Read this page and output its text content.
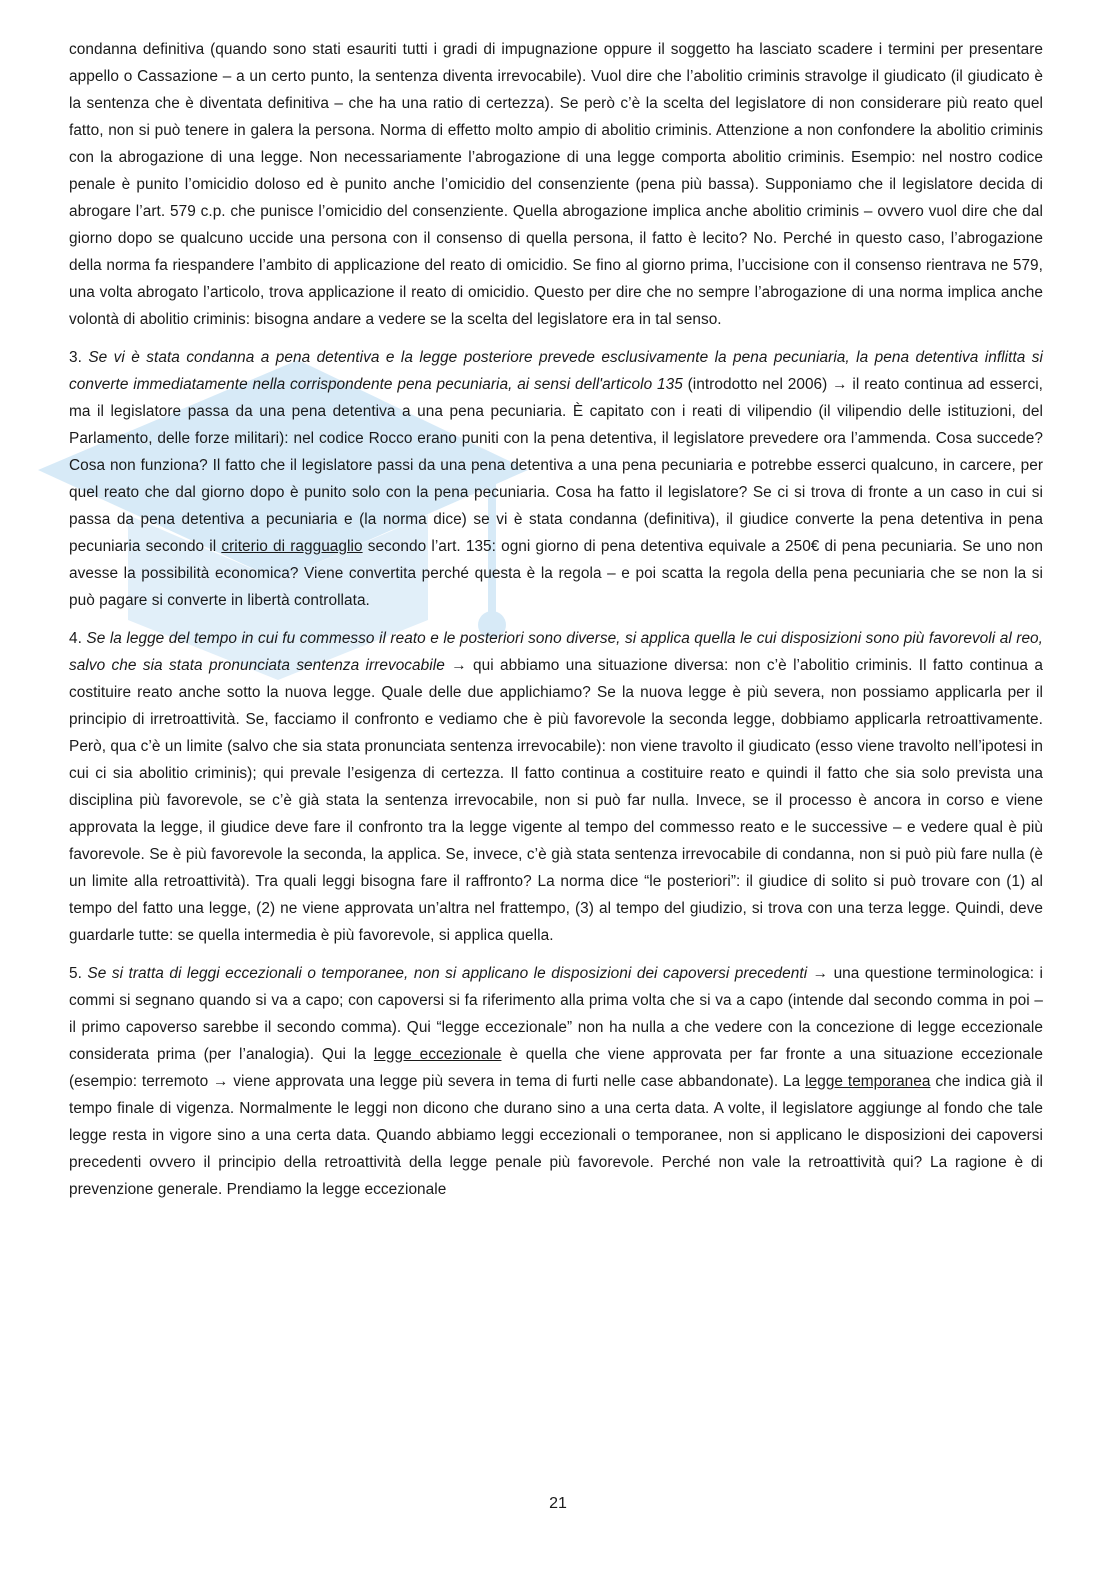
condanna definitiva (quando sono stati esauriti tutti i gradi di impugnazione oppure il soggetto ha lasciato scadere i termini per presentare appello o Cassazione – a un certo punto, la sentenza diventa irrevocabile). Vuol dire che l’abolitio criminis stravolge il giudicato (il giudicato è la sentenza che è diventata definitiva – che ha una ratio di certezza). Se però c’è la scelta del legislatore di non considerare più reato quel fatto, non si può tenere in galera la persona. Norma di effetto molto ampio di abolitio criminis. Attenzione a non confondere la abolitio criminis con la abrogazione di una legge. Non necessariamente l’abrogazione di una legge comporta abolitio criminis. Esempio: nel nostro codice penale è punito l’omicidio doloso ed è punito anche l’omicidio del consenziente (pena più bassa). Supponiamo che il legislatore decida di abrogare l’art. 579 c.p. che punisce l’omicidio del consenziente. Quella abrogazione implica anche abolitio criminis – ovvero vuol dire che dal giorno dopo se qualcuno uccide una persona con il consenso di quella persona, il fatto è lecito? No. Perché in questo caso, l’abrogazione della norma fa riespandere l’ambito di applicazione del reato di omicidio. Se fino al giorno prima, l’uccisione con il consenso rientrava ne 579, una volta abrogato l’articolo, trova applicazione il reato di omicidio. Questo per dire che no sempre l’abrogazione di una norma implica anche volontà di abolitio criminis: bisogna andare a vedere se la scelta del legislatore era in tal senso.

3. Se vi è stata condanna a pena detentiva e la legge posteriore prevede esclusivamente la pena pecuniaria, la pena detentiva inflitta si converte immediatamente nella corrispondente pena pecuniaria, ai sensi dell'articolo 135 (introdotto nel 2006) → il reato continua ad esserci, ma il legislatore passa da una pena detentiva a una pena pecuniaria. È capitato con i reati di vilipendio (il vilipendio delle istituzioni, del Parlamento, delle forze militari): nel codice Rocco erano puniti con la pena detentiva, il legislatore prevedere ora l’ammenda. Cosa succede? Cosa non funziona? Il fatto che il legislatore passi da una pena detentiva a una pena pecuniaria e potrebbe esserci qualcuno, in carcere, per quel reato che dal giorno dopo è punito solo con la pena pecuniaria. Cosa ha fatto il legislatore? Se ci si trova di fronte a un caso in cui si passa da pena detentiva a pecuniaria e (la norma dice) se vi è stata condanna (definitiva), il giudice converte la pena detentiva in pena pecuniaria secondo il criterio di ragguaglio secondo l’art. 135: ogni giorno di pena detentiva equivale a 250€ di pena pecuniaria. Se uno non avesse la possibilità economica? Viene convertita perché questa è la regola – e poi scatta la regola della pena pecuniaria che se non la si può pagare si converte in libertà controllata.

4. Se la legge del tempo in cui fu commesso il reato e le posteriori sono diverse, si applica quella le cui disposizioni sono più favorevoli al reo, salvo che sia stata pronunciata sentenza irrevocabile → qui abbiamo una situazione diversa: non c’è l’abolitio criminis. Il fatto continua a costituire reato anche sotto la nuova legge. Quale delle due applichiamo? Se la nuova legge è più severa, non possiamo applicarla per il principio di irretroattività. Se, facciamo il confronto e vediamo che è più favorevole la seconda legge, dobbiamo applicarla retroattivamente. Però, qua c’è un limite (salvo che sia stata pronunciata sentenza irrevocabile): non viene travolto il giudicato (esso viene travolto nell’ipotesi in cui ci sia abolitio criminis); qui prevale l’esigenza di certezza. Il fatto continua a costituire reato e quindi il fatto che sia solo prevista una disciplina più favorevole, se c’è già stata la sentenza irrevocabile, non si può far nulla. Invece, se il processo è ancora in corso e viene approvata la legge, il giudice deve fare il confronto tra la legge vigente al tempo del commesso reato e le successive – e vedere qual è più favorevole. Se è più favorevole la seconda, la applica. Se, invece, c’è già stata sentenza irrevocabile di condanna, non si può più fare nulla (è un limite alla retroattività). Tra quali leggi bisogna fare il raffronto? La norma dice “le posteriori”: il giudice di solito si può trovare con (1) al tempo del fatto una legge, (2) ne viene approvata un’altra nel frattempo, (3) al tempo del giudizio, si trova con una terza legge. Quindi, deve guardarle tutte: se quella intermedia è più favorevole, si applica quella.

5. Se si tratta di leggi eccezionali o temporanee, non si applicano le disposizioni dei capoversi precedenti → una questione terminologica: i commi si segnano quando si va a capo; con capoversi si fa riferimento alla prima volta che si va a capo (intende dal secondo comma in poi – il primo capoverso sarebbe il secondo comma). Qui “legge eccezionale” non ha nulla a che vedere con la concezione di legge eccezionale considerata prima (per l’analogia). Qui la legge eccezionale è quella che viene approvata per far fronte a una situazione eccezionale (esempio: terremoto → viene approvata una legge più severa in tema di furti nelle case abbandonate). La legge temporanea che indica già il tempo finale di vigenza. Normalmente le leggi non dicono che durano sino a una certa data. A volte, il legislatore aggiunge al fondo che tale legge resta in vigore sino a una certa data. Quando abbiamo leggi eccezionali o temporanee, non si applicano le disposizioni dei capoversi precedenti ovvero il principio della retroattività della legge penale più favorevole. Perché non vale la retroattività qui? La ragione è di prevenzione generale. Prendiamo la legge eccezionale

21
